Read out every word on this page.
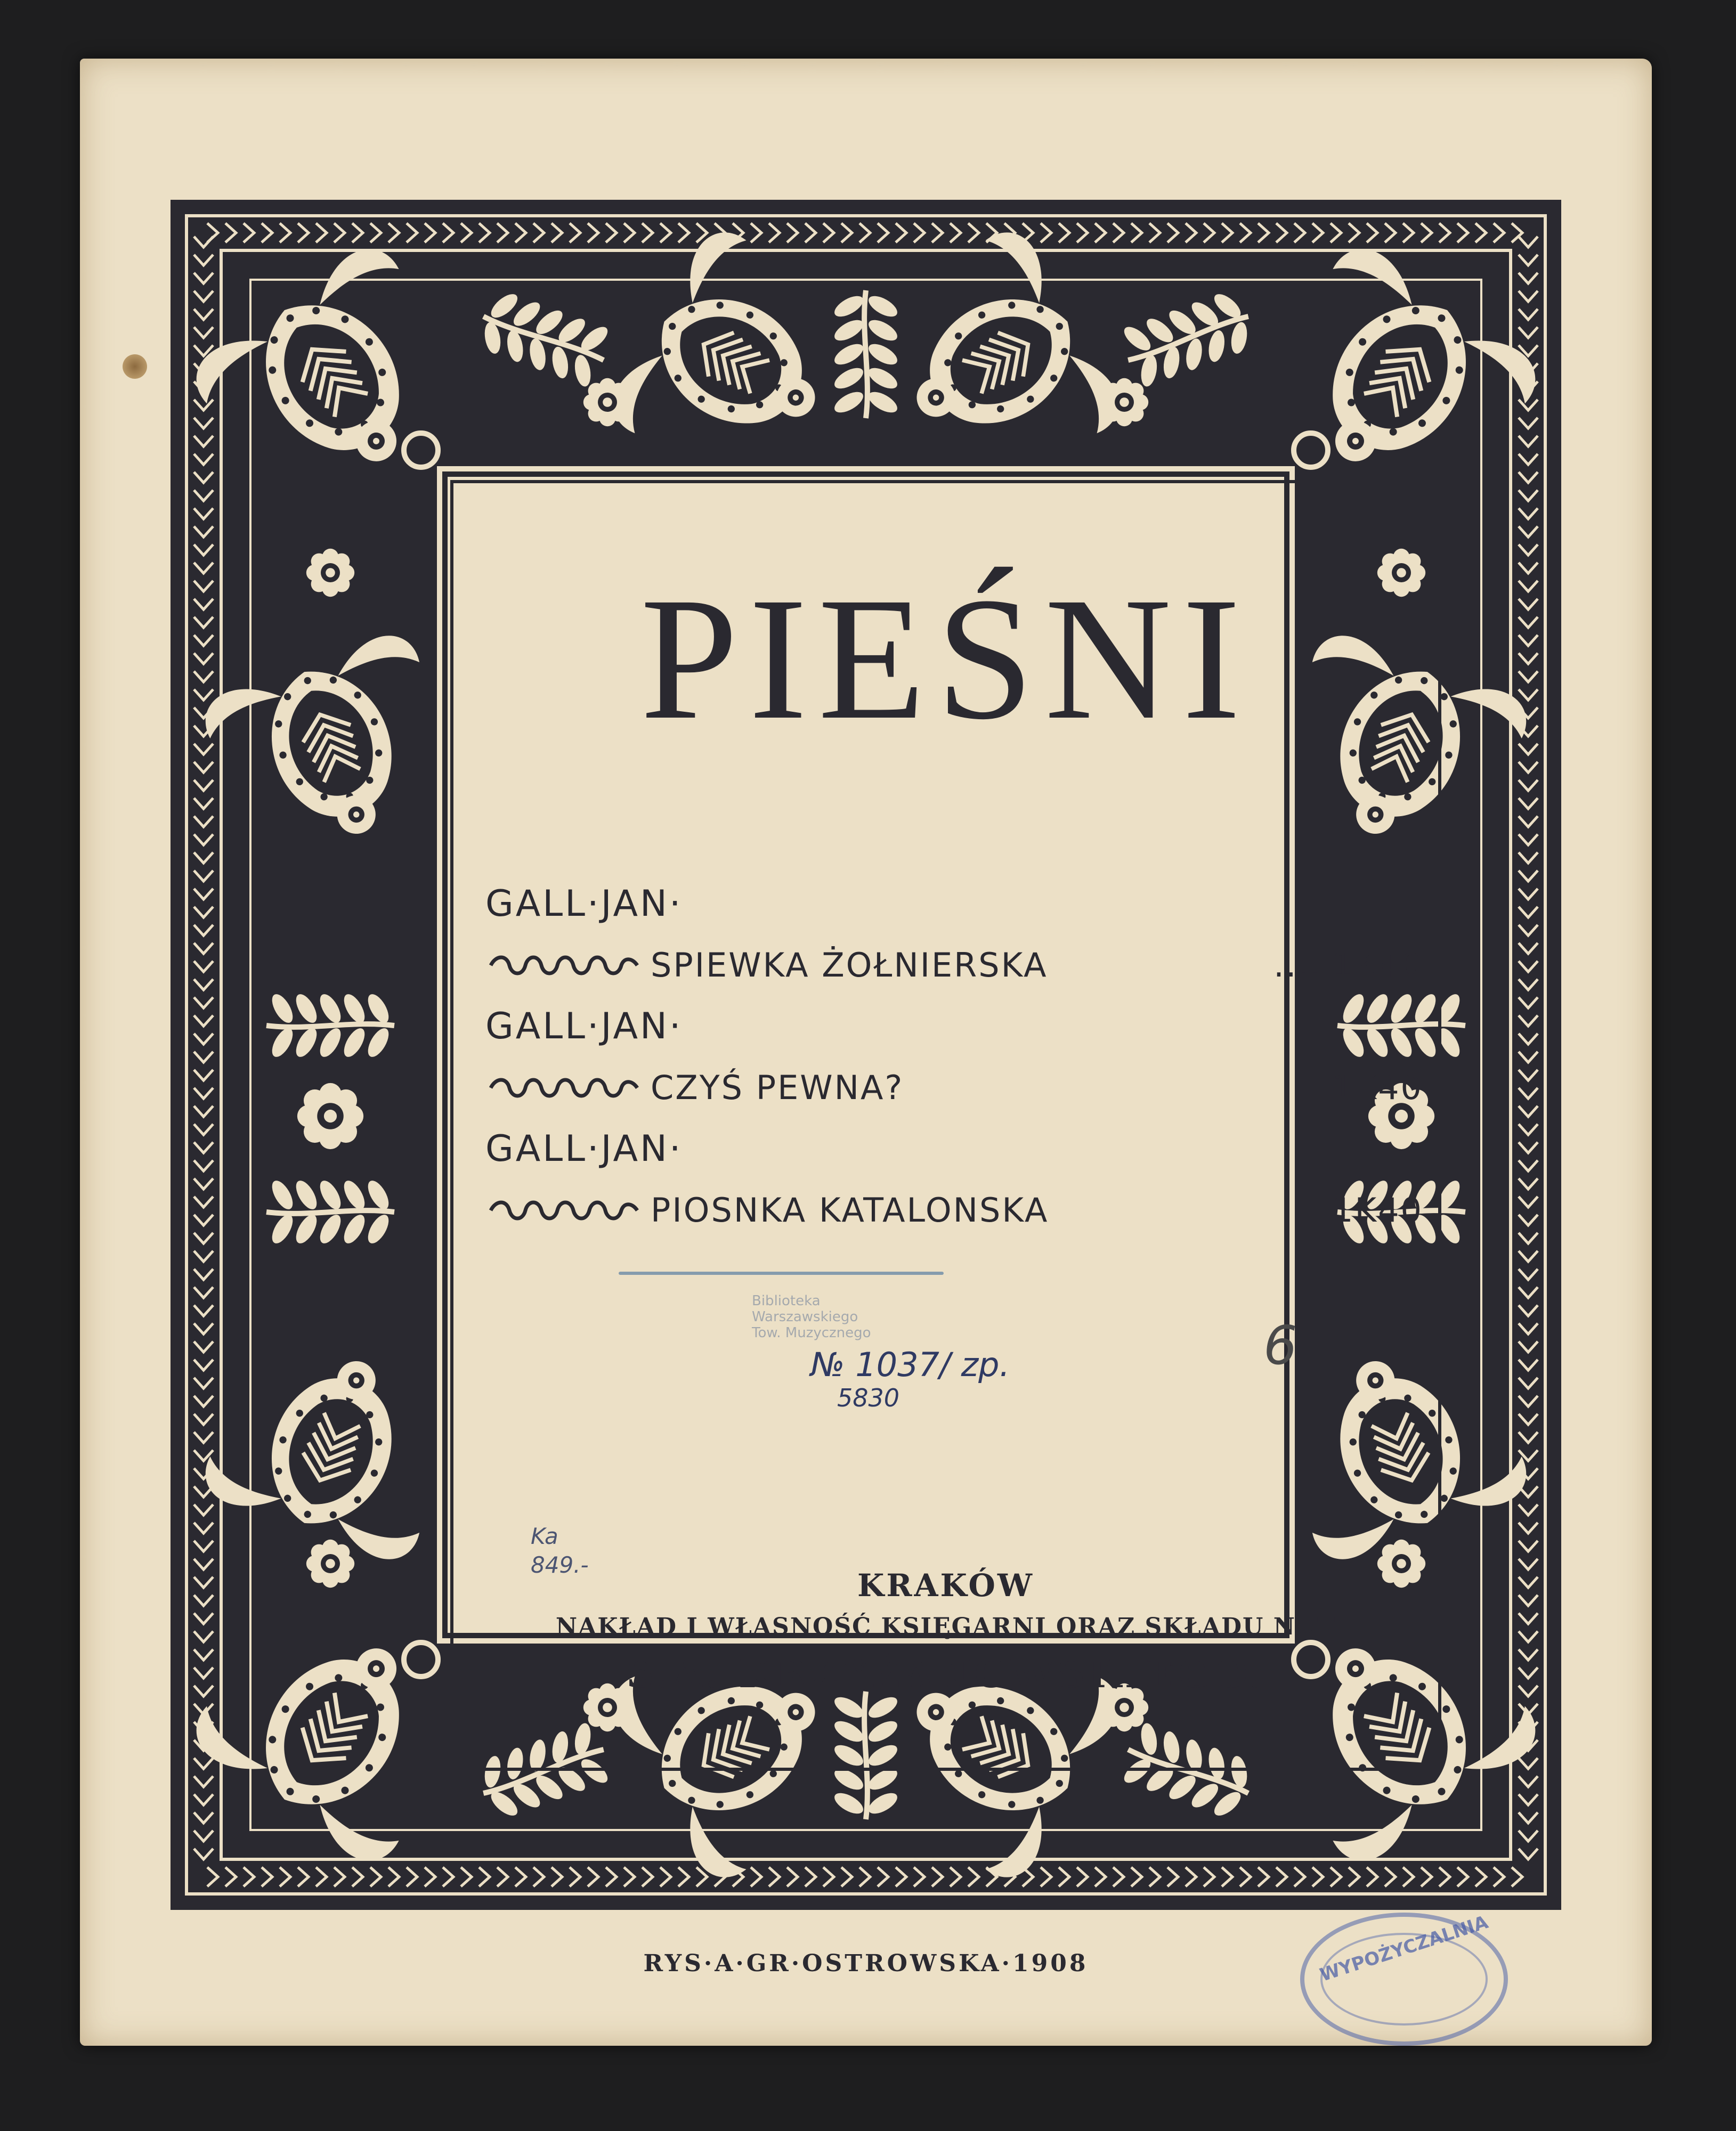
PIEŚNI
GALL·JAN·
SPIEWKA ŻOŁNIERSKA	.... 1K40
GALL·JAN·
CZYŚ PEWNA?	1K40
GALL·JAN·
PIOSNKA KATALONSKA	1K40
Biblioteka
Warszawskiego
Tow. Muzycznego
№ 1037/ zp.
5830
6
Ka
849.-
KRAKÓW
NAKŁAD I WŁASNOŚĆ KSIĘGARNI ORAZ SKŁADU NUT
S.A. KRZYŻANOWSKIEGO.
RYS·A·GR·OSTROWSKA·1908	WYPOŻYCZALNIA
